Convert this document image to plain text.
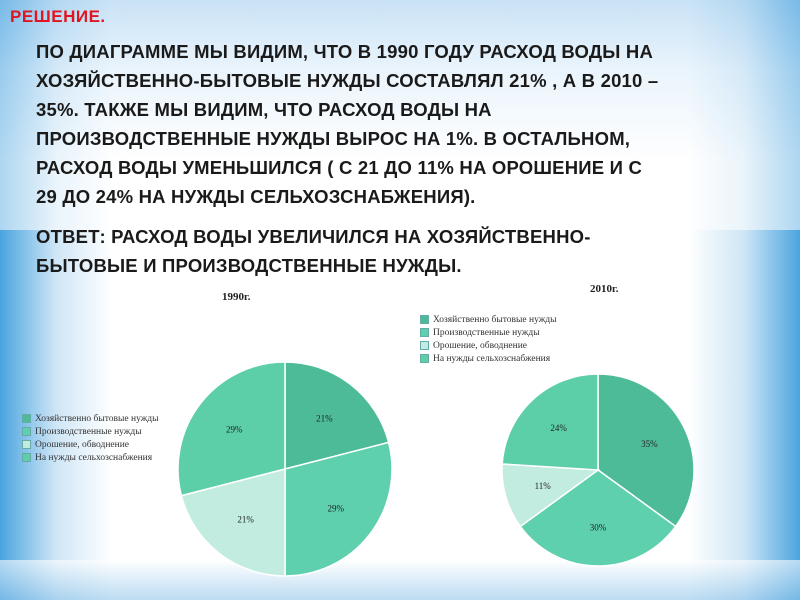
РЕШЕНИЕ.
ПО ДИАГРАММЕ МЫ ВИДИМ, ЧТО В 1990 ГОДУ РАСХОД ВОДЫ НА
ХОЗЯЙСТВЕННО-БЫТОВЫЕ НУЖДЫ СОСТАВЛЯЛ 21% , А В 2010 –
35%. ТАКЖЕ МЫ ВИДИМ, ЧТО РАСХОД ВОДЫ НА
ПРОИЗВОДСТВЕННЫЕ НУЖДЫ ВЫРОС НА 1%. В ОСТАЛЬНОМ,
РАСХОД ВОДЫ УМЕНЬШИЛСЯ ( С 21 ДО 11% НА ОРОШЕНИЕ И С
29 ДО 24% НА НУЖДЫ СЕЛЬХОЗСНАБЖЕНИЯ).
ОТВЕТ: РАСХОД ВОДЫ УВЕЛИЧИЛСЯ НА ХОЗЯЙСТВЕННО-
БЫТОВЫЕ И ПРОИЗВОДСТВЕННЫЕ НУЖДЫ.
1990г.
Хозяйственно бытовые нужды
Производственные нужды
Орошение, обводнение
На нужды сельхозснабжения
21%
29%
21%
29%
2010г.
Хозяйственно бытовые нужды
Производственные нужды
Орошение, обводнение
На нужды сельхозснабжения
35%
30%
11%
24%
